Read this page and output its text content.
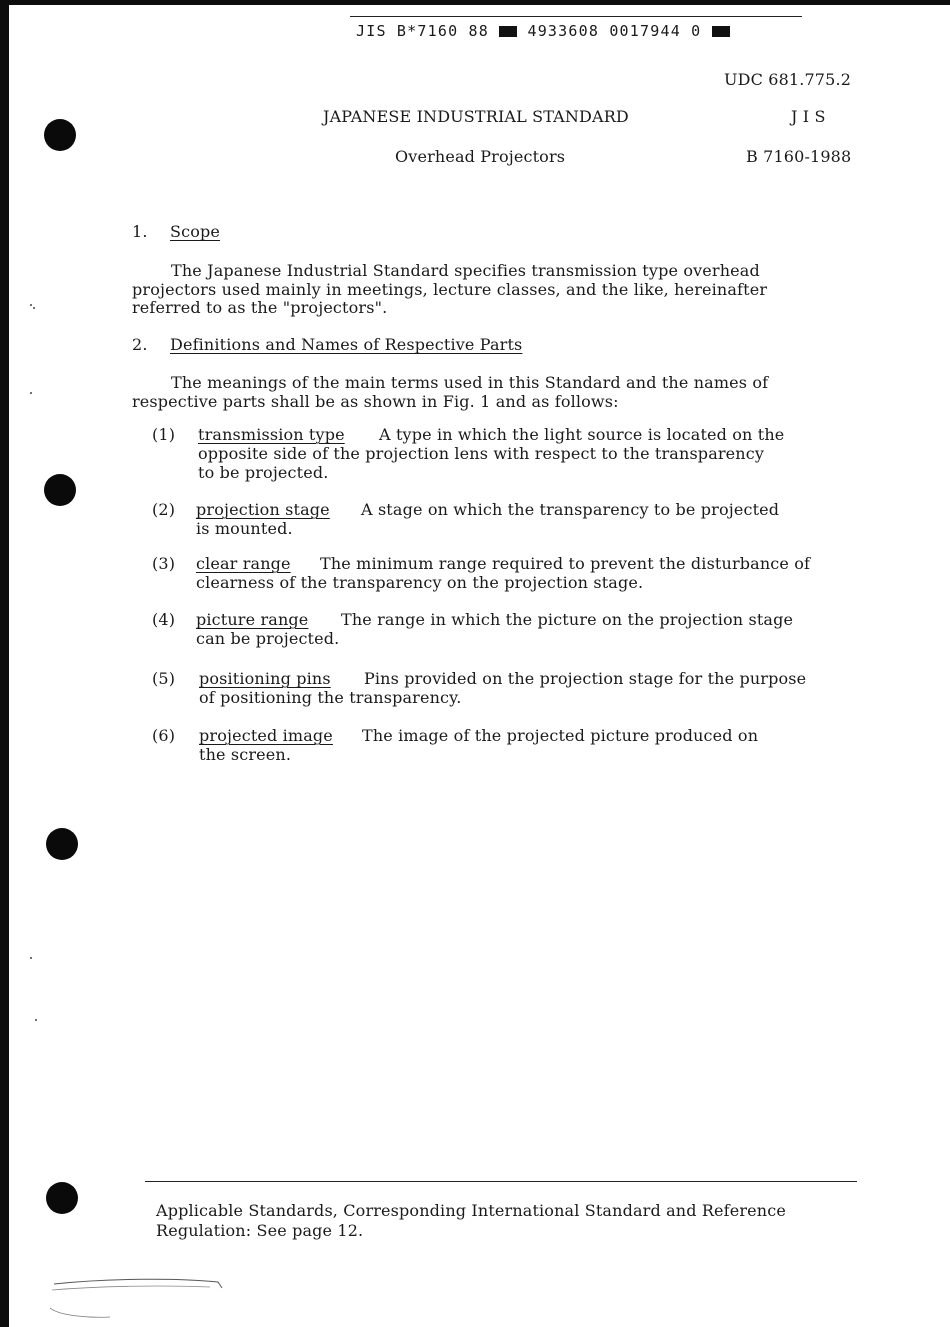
JIS B*7160 88	4933608 0017944 0
UDC 681.775.2
JAPANESE INDUSTRIAL STANDARD	J I S
Overhead Projectors	B 7160-1988
1. Scope
The Japanese Industrial Standard specifies transmission type overhead
projectors used mainly in meetings, lecture classes, and the like, hereinafter
referred to as the "projectors".
2. Definitions and Names of Respective Parts
The meanings of the main terms used in this Standard and the names of
respective parts shall be as shown in Fig. 1 and as follows:
(1) transmission type A type in which the light source is located on the
opposite side of the projection lens with respect to the transparency
to be projected.
(2) projection stage A stage on which the transparency to be projected
is mounted.
(3) clear range The minimum range required to prevent the disturbance of
clearness of the transparency on the projection stage.
(4) picture range The range in which the picture on the projection stage
can be projected.
(5) positioning pins Pins provided on the projection stage for the purpose
of positioning the transparency.
(6) projected image The image of the projected picture produced on
the screen.
Applicable Standards, Corresponding International Standard and Reference
Regulation: See page 12.
